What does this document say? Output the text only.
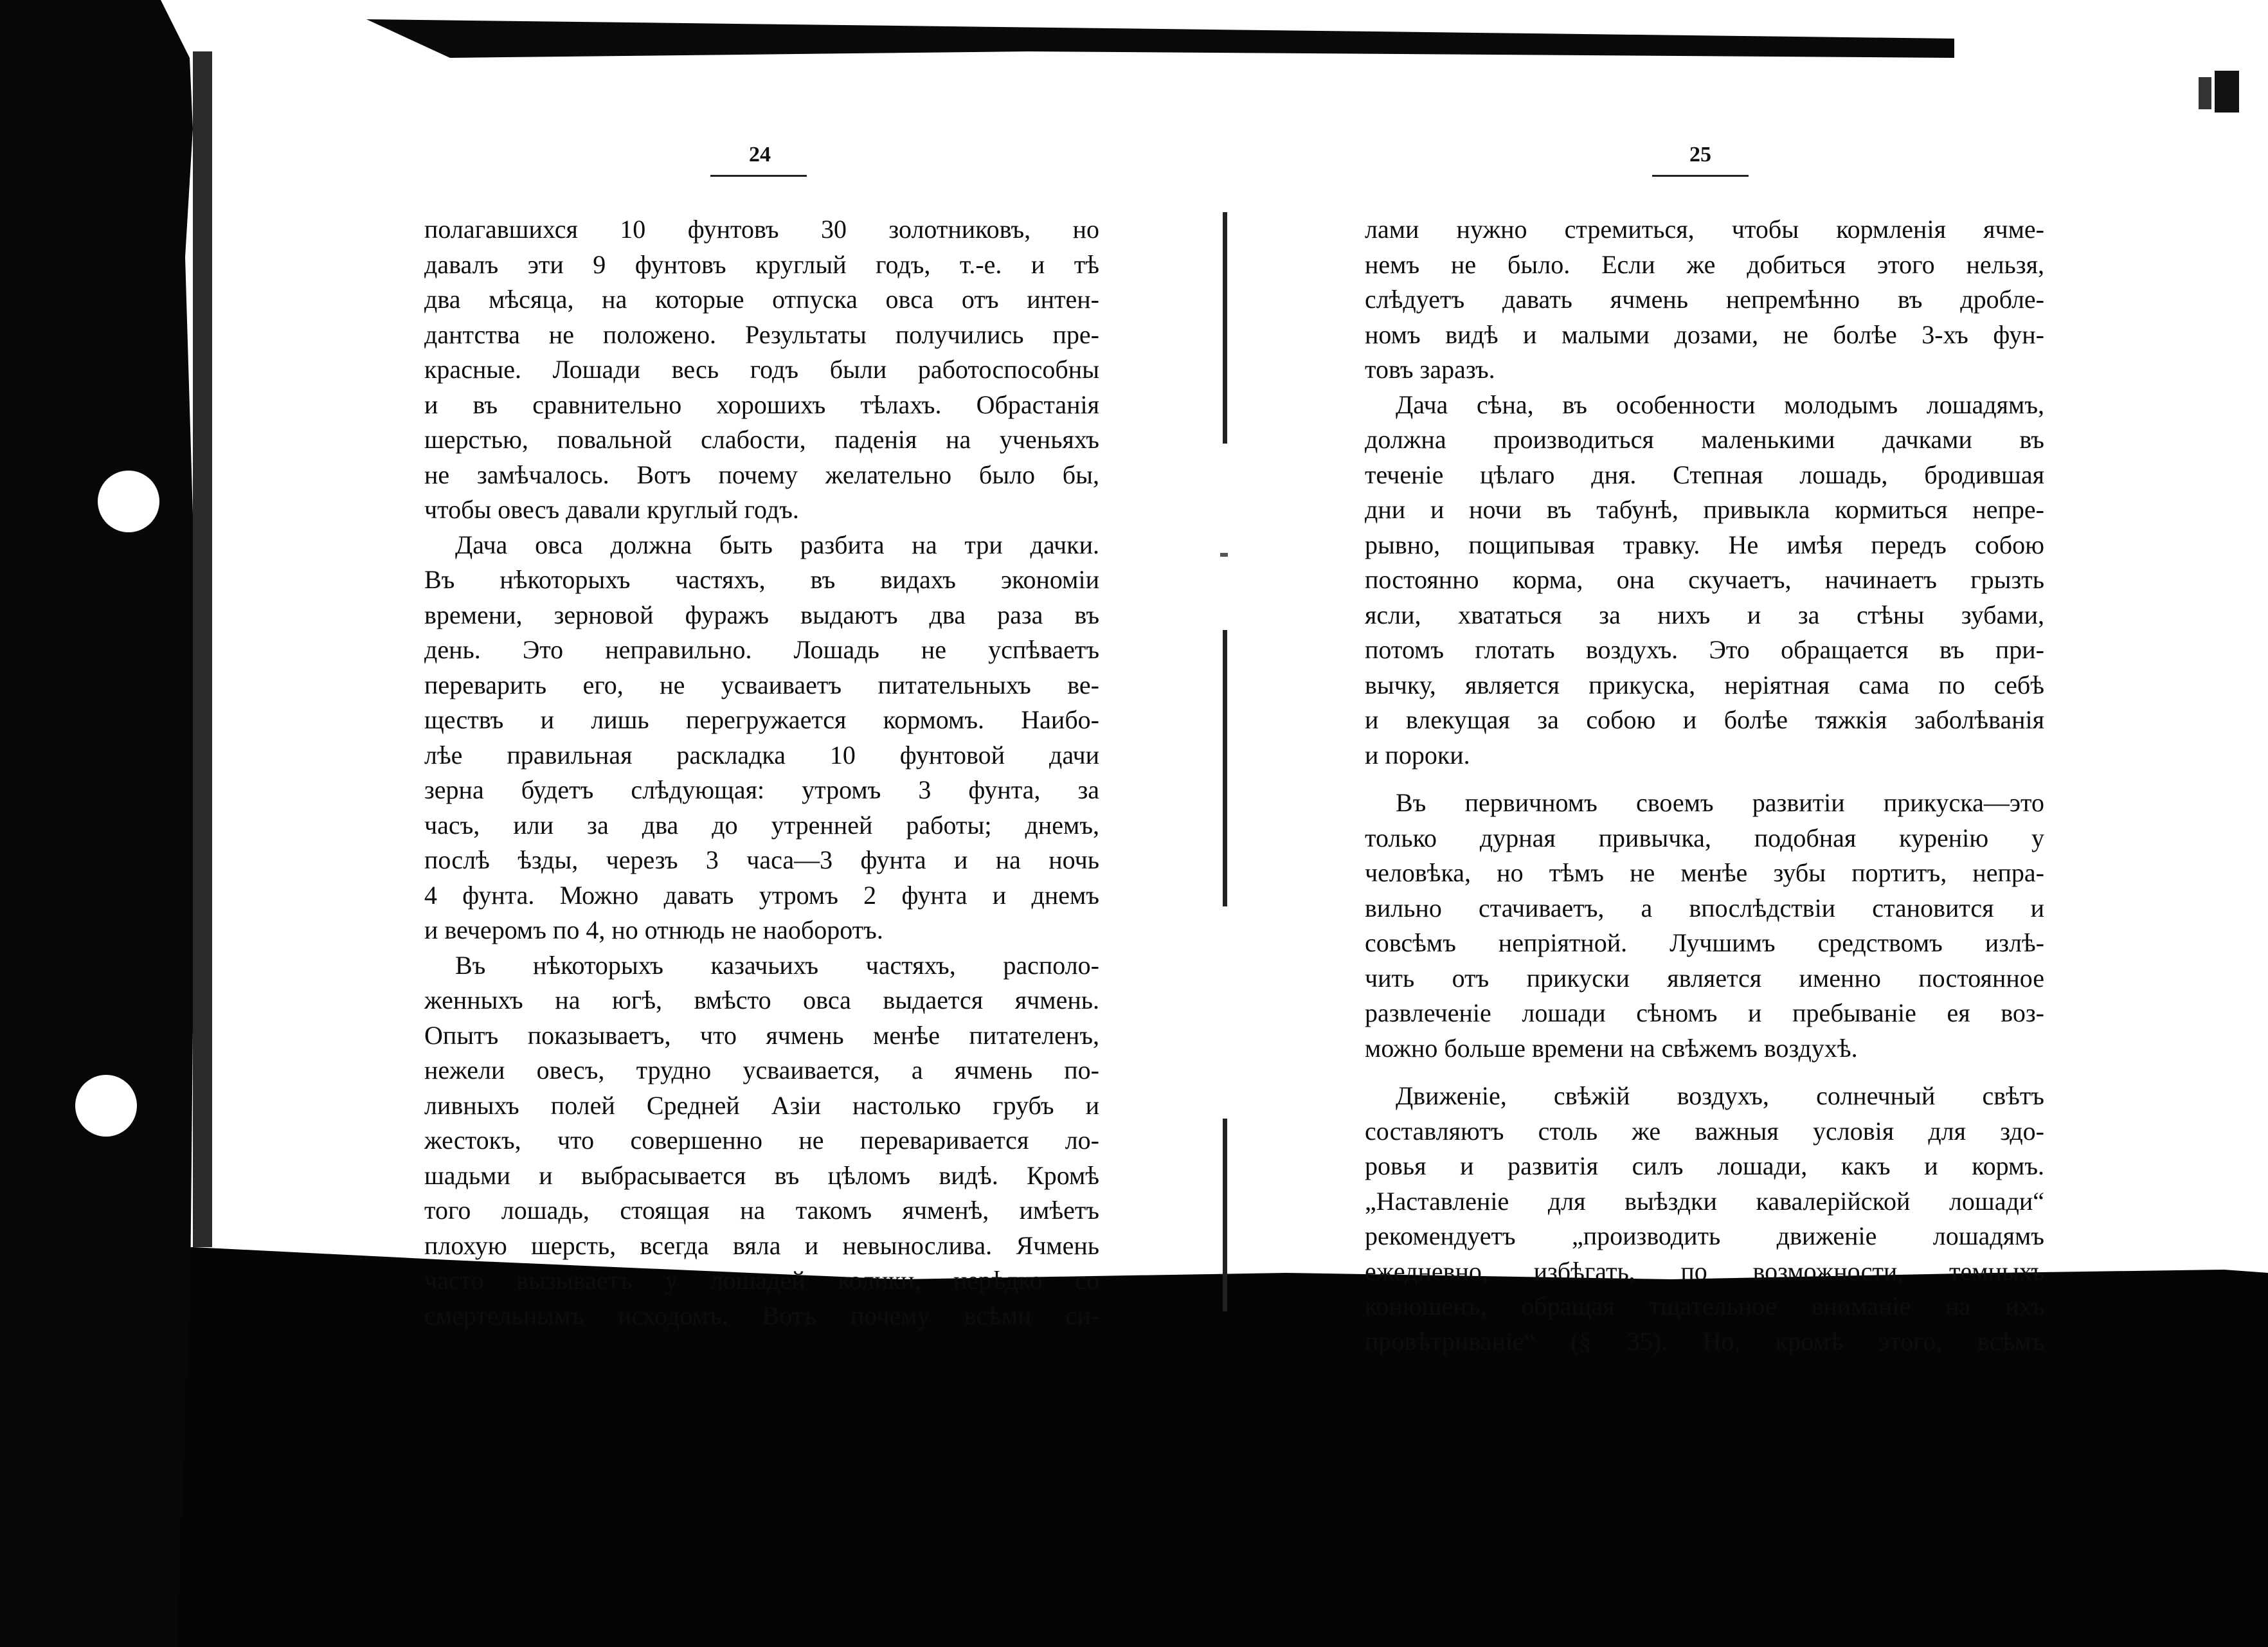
24	25

полагавшихся 10 фунтовъ 30 золотниковъ, но

давалъ эти 9 фунтовъ круглый годъ, т.-е. и тѣ

два мѣсяца, на которые отпуска овса отъ интен-

дантства не положено. Результаты получились пре-

красные. Лошади весь годъ были работоспособны

и въ сравнительно хорошихъ тѣлахъ. Обрастанія

шерстью, повальной слабости, паденія на ученьяхъ

не замѣчалось. Вотъ почему желательно было бы,

чтобы овесъ давали круглый годъ.

Дача овса должна быть разбита на три дачки.

Въ нѣкоторыхъ частяхъ, въ видахъ экономіи

времени, зерновой фуражъ выдаютъ два раза въ

день. Это неправильно. Лошадь не успѣваетъ

переварить его, не усваиваетъ питательныхъ ве-

ществъ и лишь перегружается кормомъ. Наибо-

лѣе правильная раскладка 10 фунтовой дачи

зерна будетъ слѣдующая: утромъ 3 фунта, за

часъ, или за два до утренней работы; днемъ,

послѣ ѣзды, черезъ 3 часа—3 фунта и на ночь

4 фунта. Можно давать утромъ 2 фунта и днемъ

и вечеромъ по 4, но отнюдь не наоборотъ.

Въ нѣкоторыхъ казачьихъ частяхъ, располо-

женныхъ на югѣ, вмѣсто овса выдается ячмень.

Опытъ показываетъ, что ячмень менѣе питателенъ,

нежели овесъ, трудно усваивается, а ячмень по-

ливныхъ полей Средней Азіи настолько грубъ и

жестокъ, что совершенно не переваривается ло-

шадьми и выбрасывается въ цѣломъ видѣ. Кромѣ

того лошадь, стоящая на такомъ ячменѣ, имѣетъ

плохую шерсть, всегда вяла и невынослива. Ячмень

часто вызываетъ у лошадей колики, нерѣдко со

смертельнымъ исходомъ. Вотъ почему всѣми си-

лами нужно стремиться, чтобы кормленія ячме-

немъ не было. Если же добиться этого нельзя,

слѣдуетъ давать ячмень непремѣнно въ дробле-

номъ видѣ и малыми дозами, не болѣе 3-хъ фун-

товъ заразъ.

Дача сѣна, въ особенности молодымъ лошадямъ,

должна производиться маленькими дачками въ

теченіе цѣлаго дня. Степная лошадь, бродившая

дни и ночи въ табунѣ, привыкла кормиться непре-

рывно, пощипывая травку. Не имѣя передъ собою

постоянно корма, она скучаетъ, начинаетъ грызть

ясли, хвататься за нихъ и за стѣны зубами,

потомъ глотать воздухъ. Это обращается въ при-

вычку, является прикуска, неріятная сама по себѣ

и влекущая за собою и болѣе тяжкія заболѣванія

и пороки.

Въ первичномъ своемъ развитіи прикуска—это

только дурная привычка, подобная куренію у

человѣка, но тѣмъ не менѣе зубы портитъ, непра-

вильно стачиваетъ, а впослѣдствіи становится и

совсѣмъ непріятной. Лучшимъ средствомъ излѣ-

чить отъ прикуски является именно постоянное

развлеченіе лошади сѣномъ и пребываніе ея воз-

можно больше времени на свѣжемъ воздухѣ.

Движеніе, свѣжій воздухъ, солнечный свѣтъ

составляютъ столь же важныя условія для здо-

ровья и развитія силъ лошади, какъ и кормъ.

„Наставленіе для выѣздки кавалерійской лошади“

рекомендуетъ „производить движеніе лошадямъ

ежедневно, избѣгать, по возможности, темныхъ

конюшенъ, обращая тщательное вниманіе на ихъ

провѣтриваніе“ (§ 35). Но, кромѣ этого, всѣмъ
